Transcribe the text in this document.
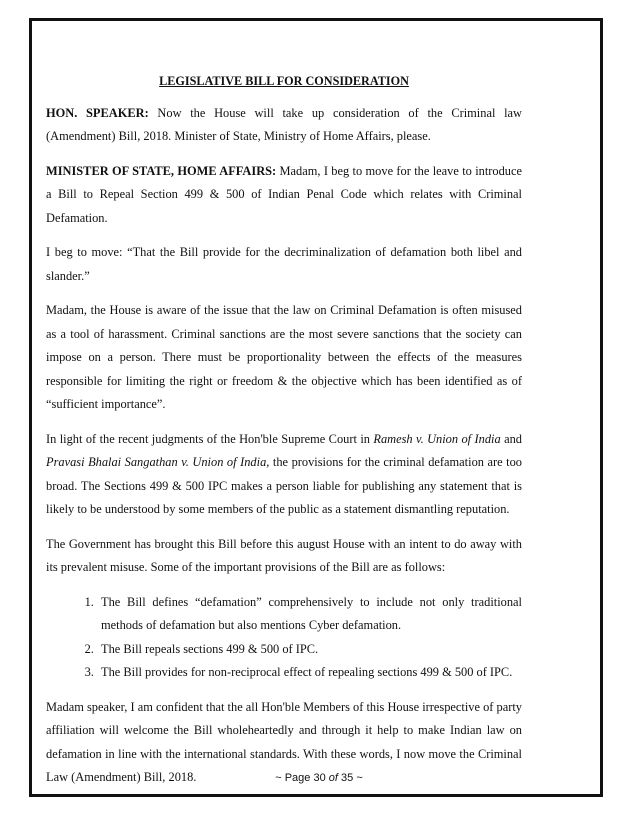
LEGISLATIVE BILL FOR CONSIDERATION

HON. SPEAKER: Now the House will take up consideration of the Criminal law (Amendment) Bill, 2018. Minister of State, Ministry of Home Affairs, please.

MINISTER OF STATE, HOME AFFAIRS: Madam, I beg to move for the leave to introduce a Bill to Repeal Section 499 & 500 of Indian Penal Code which relates with Criminal Defamation.

I beg to move: “That the Bill provide for the decriminalization of defamation both libel and slander.”

Madam, the House is aware of the issue that the law on Criminal Defamation is often misused as a tool of harassment. Criminal sanctions are the most severe sanctions that the society can impose on a person. There must be proportionality between the effects of the measures responsible for limiting the right or freedom & the objective which has been identified as of “sufficient importance”.

In light of the recent judgments of the Hon'ble Supreme Court in Ramesh v. Union of India and Pravasi Bhalai Sangathan v. Union of India, the provisions for the criminal defamation are too broad. The Sections 499 & 500 IPC makes a person liable for publishing any statement that is likely to be understood by some members of the public as a statement dismantling reputation.

The Government has brought this Bill before this august House with an intent to do away with its prevalent misuse. Some of the important provisions of the Bill are as follows:

1. The Bill defines “defamation” comprehensively to include not only traditional methods of defamation but also mentions Cyber defamation.
2. The Bill repeals sections 499 & 500 of IPC.
3. The Bill provides for non-reciprocal effect of repealing sections 499 & 500 of IPC.

Madam speaker, I am confident that the all Hon'ble Members of this House irrespective of party affiliation will welcome the Bill wholeheartedly and through it help to make Indian law on defamation in line with the international standards. With these words, I now move the Criminal Law (Amendment) Bill, 2018.	~ Page 30 of 35 ~
